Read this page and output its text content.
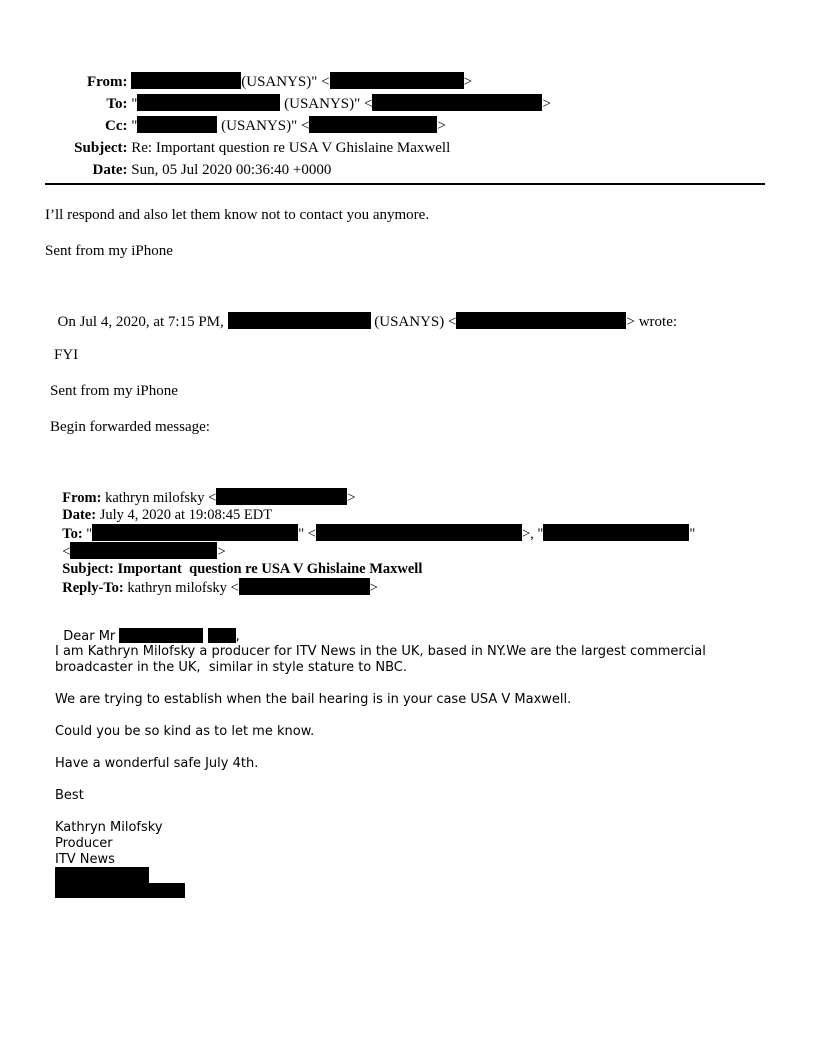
From:	(USANYS)" <	>

To: "	(USANYS)" <	>

Cc: "	(USANYS)" <	>

Subject: Re: Important question re USA V Ghislaine Maxwell

Date: Sun, 05 Jul 2020 00:36:40 +0000

I’ll respond and also let them know not to contact you anymore.
Sent from my iPhone

On Jul 4, 2020, at 7:15 PM,	(USANYS) <	> wrote:

FYI
Sent from my iPhone
Begin forwarded message:

From: kathryn milofsky <	>

Date: July 4, 2020 at 19:08:45 EDT

To: "	" <	>, "	"

<	>

Subject: Important  question re USA V Ghislaine Maxwell

Reply-To: kathryn milofsky <	>

Dear Mr	,

I am Kathryn Milofsky a producer for ITV News in the UK, based in NY.We are the largest commercial
broadcaster in the UK,  similar in style stature to NBC.
We are trying to establish when the bail hearing is in your case USA V Maxwell.
Could you be so kind as to let me know.
Have a wonderful safe July 4th.
Best
Kathryn Milofsky
Producer
ITV News
